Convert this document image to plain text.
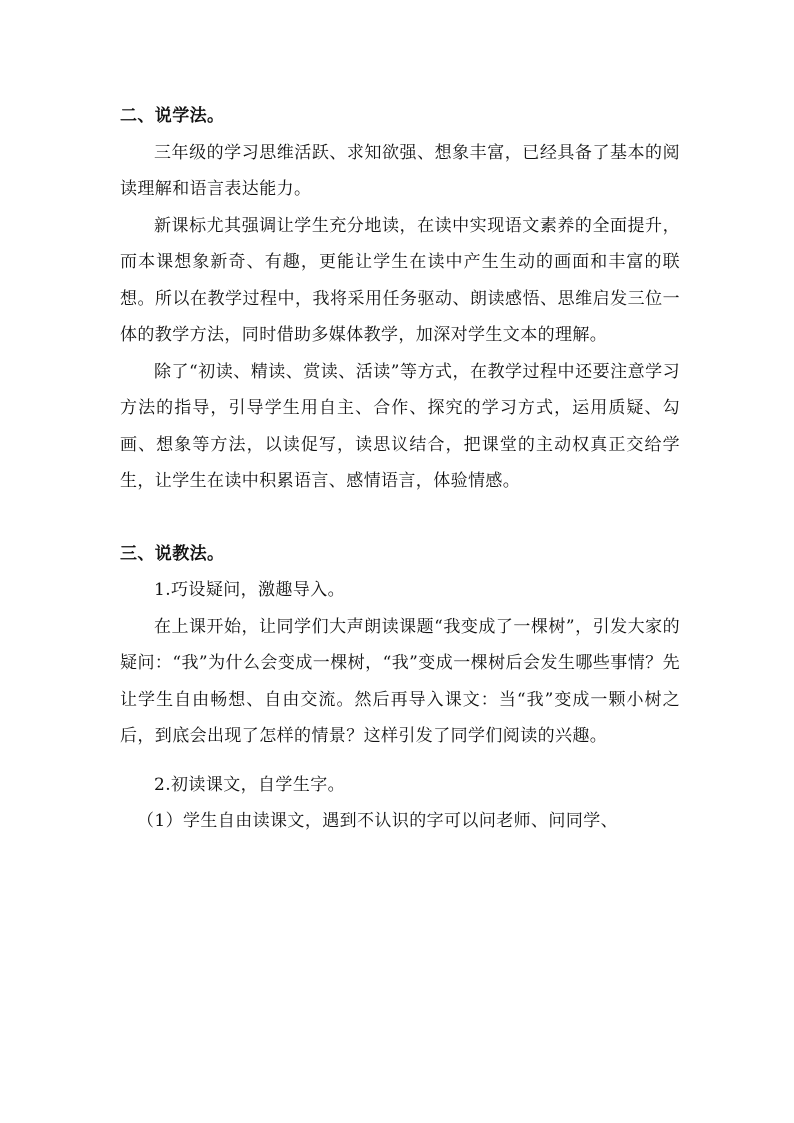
二、说学法。

三年级的学习思维活跃、求知欲强、想象丰富，已经具备了基本的阅读理解和语言表达能力。

新课标尤其强调让学生充分地读，在读中实现语文素养的全面提升，而本课想象新奇、有趣，更能让学生在读中产生生动的画面和丰富的联想。所以在教学过程中，我将采用任务驱动、朗读感悟、思维启发三位一体的教学方法，同时借助多媒体教学，加深对学生文本的理解。

除了“初读、精读、赏读、活读”等方式，在教学过程中还要注意学习方法的指导，引导学生用自主、合作、探究的学习方式，运用质疑、勾画、想象等方法，以读促写，读思议结合，把课堂的主动权真正交给学生，让学生在读中积累语言、感情语言，体验情感。

三、说教法。

1.巧设疑问，激趣导入。

在上课开始，让同学们大声朗读课题“我变成了一棵树”，引发大家的疑问：“我”为什么会变成一棵树，“我”变成一棵树后会发生哪些事情？先让学生自由畅想、自由交流。然后再导入课文：当“我”变成一颗小树之后，到底会出现了怎样的情景？这样引发了同学们阅读的兴趣。

2.初读课文，自学生字。

（1）学生自由读课文，遇到不认识的字可以问老师、问同学、
